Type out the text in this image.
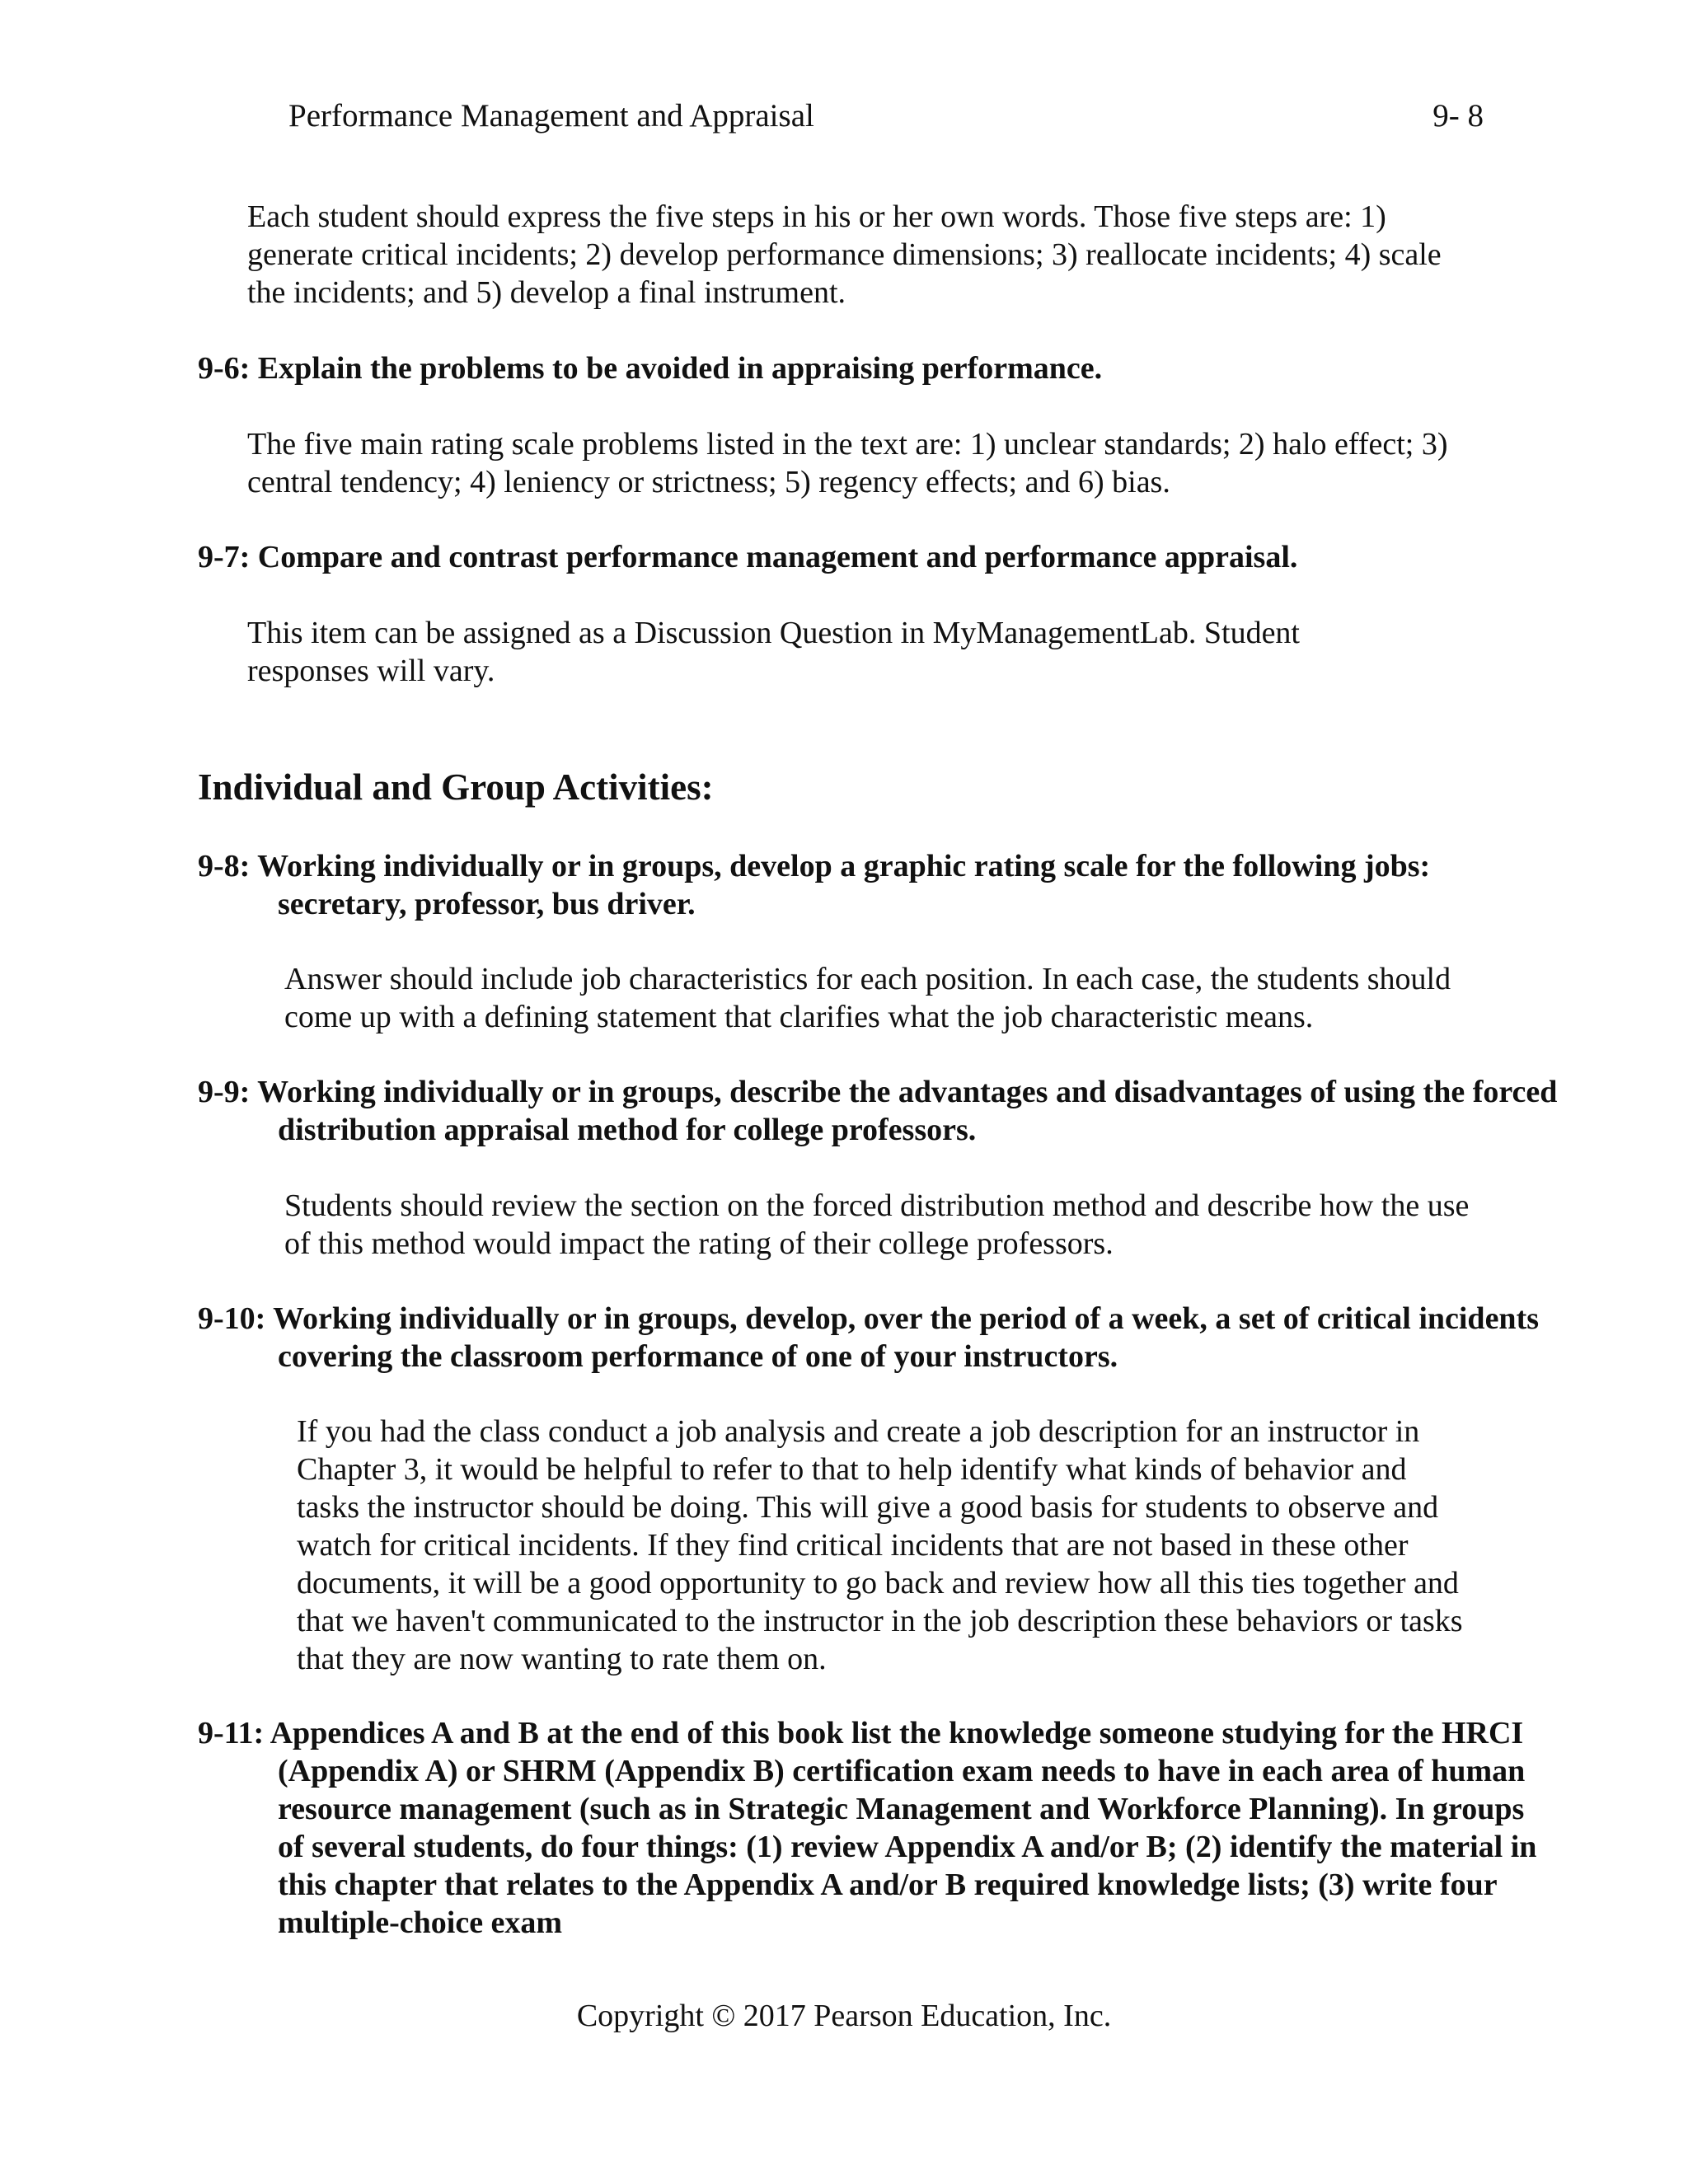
Performance Management and Appraisal	9- 8

Each student should express the five steps in his or her own words. Those five steps are: 1) generate critical incidents; 2) develop performance dimensions; 3) reallocate incidents; 4) scale the incidents; and 5) develop a final instrument.

9-6: Explain the problems to be avoided in appraising performance.

The five main rating scale problems listed in the text are: 1) unclear standards; 2) halo effect; 3) central tendency; 4) leniency or strictness; 5) regency effects; and 6) bias.

9-7: Compare and contrast performance management and performance appraisal.

This item can be assigned as a Discussion Question in MyManagementLab. Student responses will vary.

Individual and Group Activities:

9-8: Working individually or in groups, develop a graphic rating scale for the following jobs: secretary, professor, bus driver.

Answer should include job characteristics for each position. In each case, the students should come up with a defining statement that clarifies what the job characteristic means.

9-9: Working individually or in groups, describe the advantages and disadvantages of using the forced distribution appraisal method for college professors.

Students should review the section on the forced distribution method and describe how the use of this method would impact the rating of their college professors.

9-10: Working individually or in groups, develop, over the period of a week, a set of critical incidents covering the classroom performance of one of your instructors.

If you had the class conduct a job analysis and create a job description for an instructor in Chapter 3, it would be helpful to refer to that to help identify what kinds of behavior and tasks the instructor should be doing. This will give a good basis for students to observe and watch for critical incidents. If they find critical incidents that are not based in these other documents, it will be a good opportunity to go back and review how all this ties together and that we haven't communicated to the instructor in the job description these behaviors or tasks that they are now wanting to rate them on.

9-11: Appendices A and B at the end of this book list the knowledge someone studying for the HRCI (Appendix A) or SHRM (Appendix B) certification exam needs to have in each area of human resource management (such as in Strategic Management and Workforce Planning). In groups of several students, do four things: (1) review Appendix A and/or B; (2) identify the material in this chapter that relates to the Appendix A and/or B required knowledge lists; (3) write four multiple-choice exam

Copyright © 2017 Pearson Education, Inc.
